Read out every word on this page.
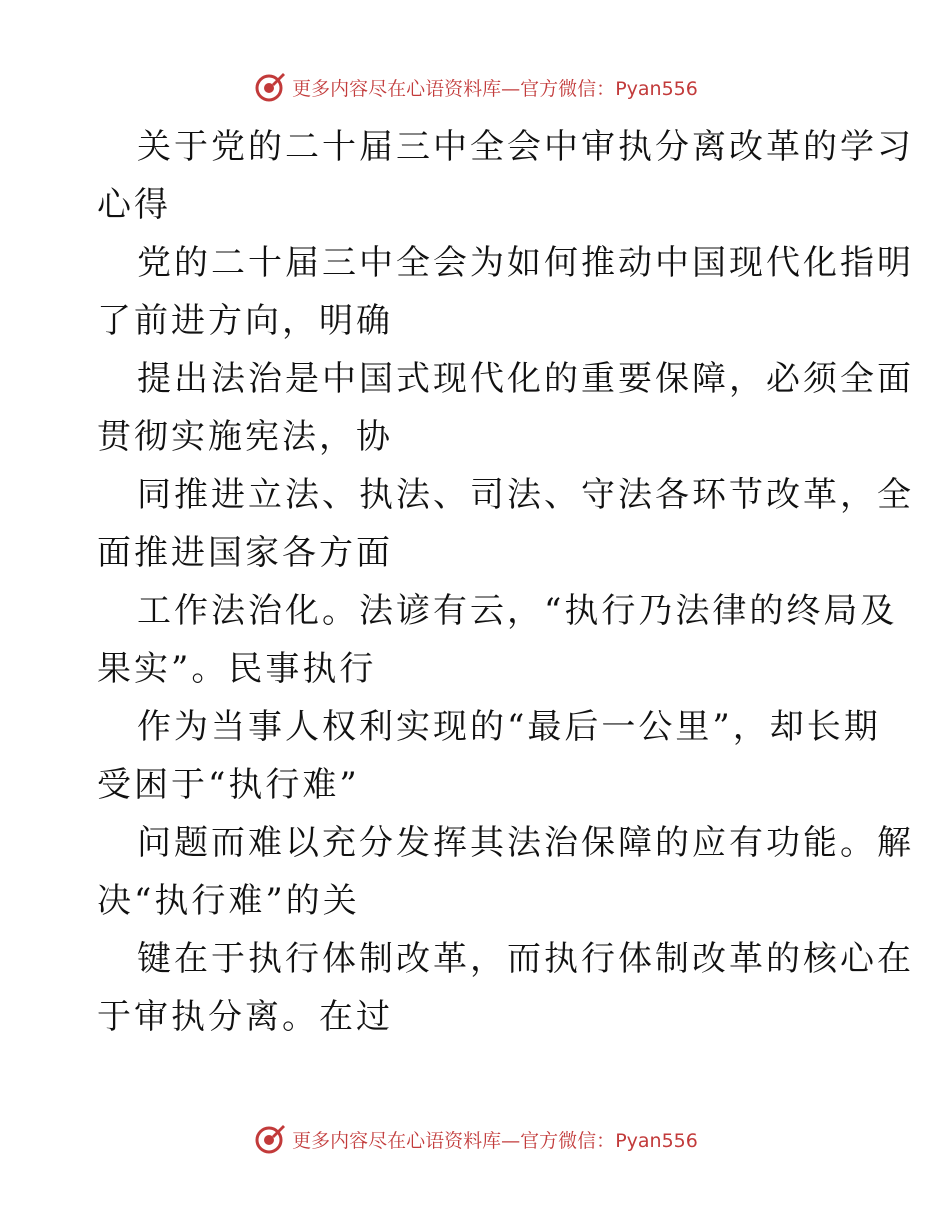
更多内容尽在心语资料库 — 官方微信： Pyan556

关于党的二十届三中全会中审执分离改革的学习
心得

党的二十届三中全会为如何推动中国现代化指明
了前进方向，明确

提出法治是中国式现代化的重要保障，必须全面
贯彻实施宪法，协

同推进立法、执法、司法、守法各环节改革，全
面推进国家各方面

工作法治化。法谚有云，“执行乃法律的终局及
果实”。民事执行

作为当事人权利实现的“最后一公里”，却长期
受困于“执行难”

问题而难以充分发挥其法治保障的应有功能。解
决“执行难”的关

键在于执行体制改革，而执行体制改革的核心在
于审执分离。在过

更多内容尽在心语资料库 — 官方微信： Pyan556
